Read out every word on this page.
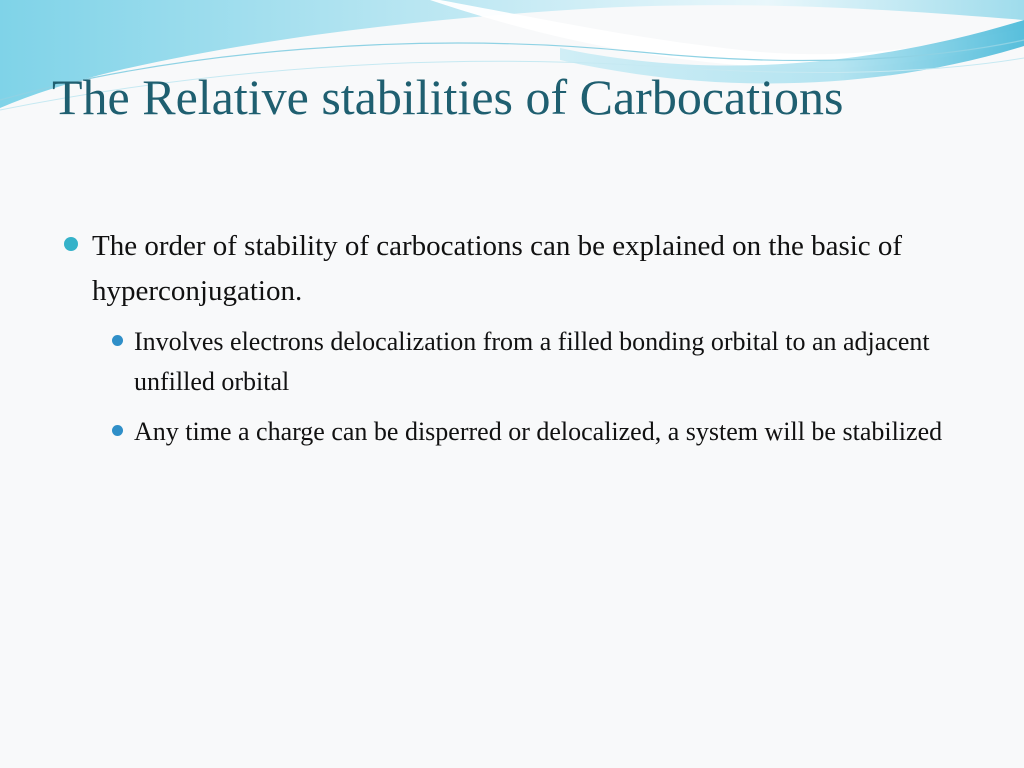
The Relative stabilities of Carbocations
The order of stability of carbocations can be explained on the basic of hyperconjugation.
Involves electrons delocalization from a filled bonding orbital to an adjacent unfilled orbital
Any time a charge can be disperred or delocalized, a system will be stabilized
